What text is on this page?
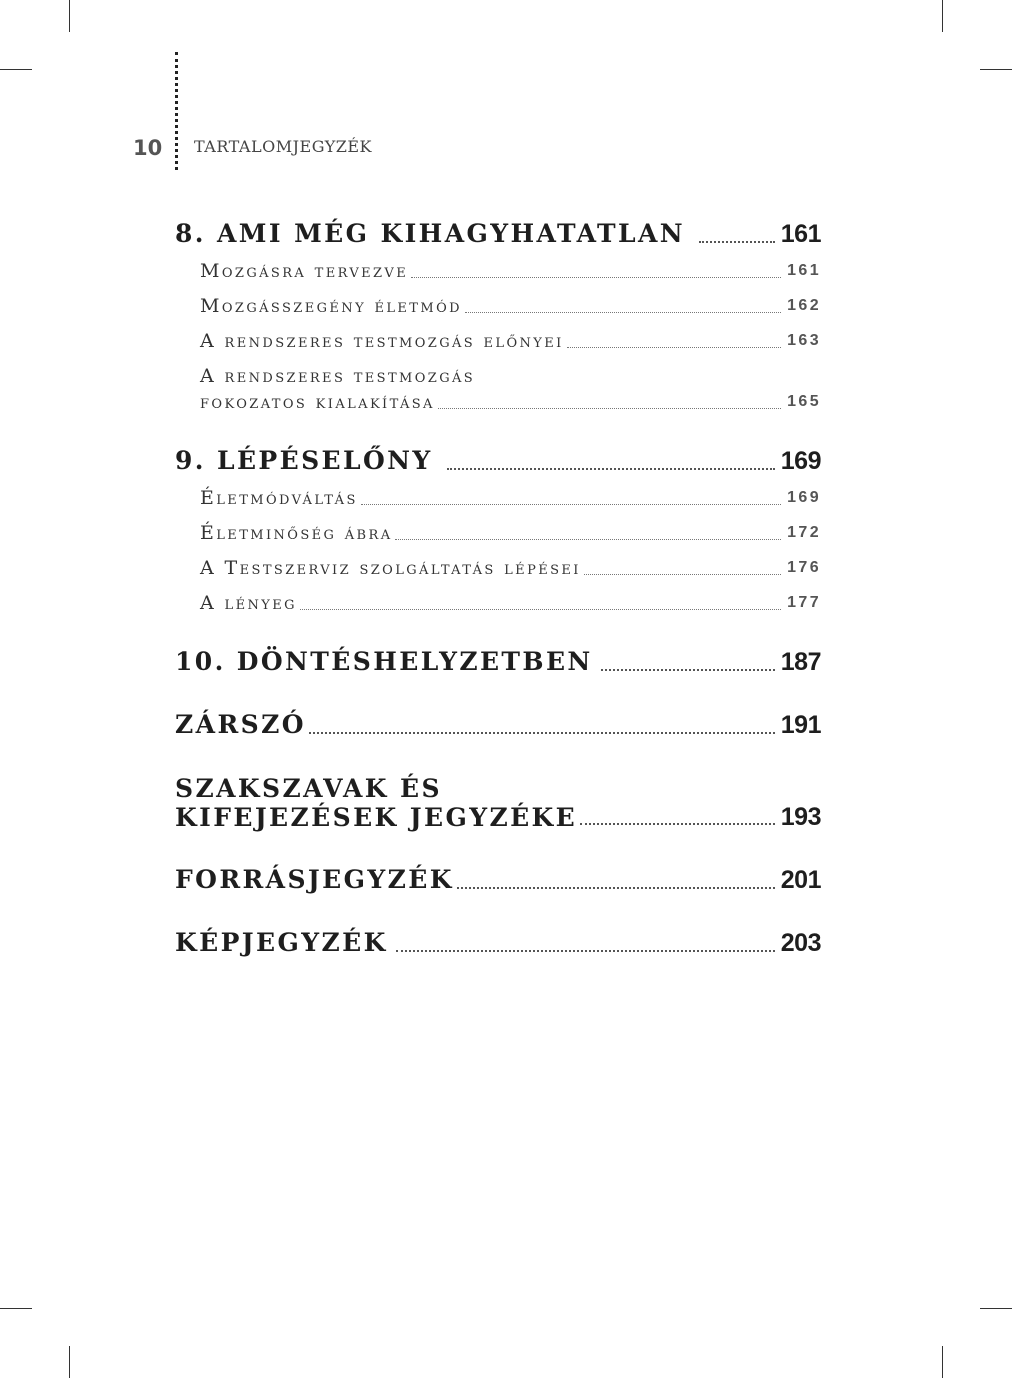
10 TARTALOMJEGYZÉK
8. AMI MÉG KIHAGYHATATLAN	161
Mozgásra tervezve	161
Mozgásszegény életmód	162
A rendszeres testmozgás előnyei	163
A rendszeres testmozgás
fokozatos kialakítása	165
9. LÉPÉSELŐNY	169
Életmódváltás	169
Életminőség ábra	172
A Testszerviz szolgáltatás lépései	176
A lényeg	177
10. DÖNTÉSHELYZETBEN	187
ZÁRSZÓ	191
SZAKSZAVAK ÉS
KIFEJEZÉSEK JEGYZÉKE	193
FORRÁSJEGYZÉK	201
KÉPJEGYZÉK	203
